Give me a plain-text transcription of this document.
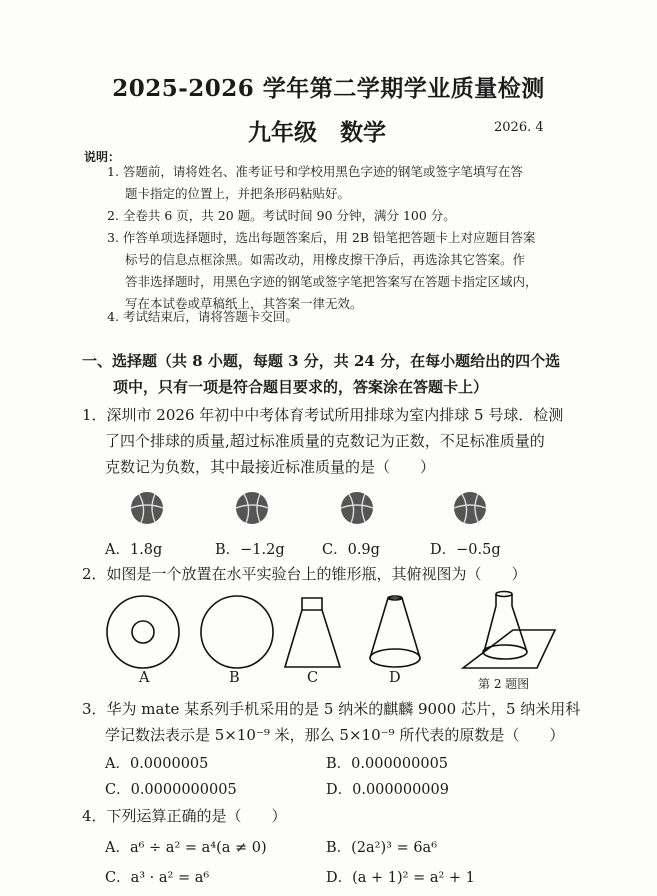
2025-2026 学年第二学期学业质量检测
九年级　数学	2026. 4
说明：
1. 答题前，请将姓名、准考证号和学校用黑色字迹的钢笔或签字笔填写在答
题卡指定的位置上，并把条形码粘贴好。
2. 全卷共 6 页，共 20 题。考试时间 90 分钟，满分 100 分。
3. 作答单项选择题时，选出每题答案后，用 2B 铅笔把答题卡上对应题目答案
标号的信息点框涂黑。如需改动，用橡皮擦干净后，再选涂其它答案。作
答非选择题时，用黑色字迹的钢笔或签字笔把答案写在答题卡指定区域内，
写在本试卷或草稿纸上，其答案一律无效。
4. 考试结束后，请将答题卡交回。
一、选择题（共 8 小题，每题 3 分，共 24 分，在每小题给出的四个选
项中，只有一项是符合题目要求的，答案涂在答题卡上）
1．深圳市 2026 年初中中考体育考试所用排球为室内排球 5 号球．检测
了四个排球的质量,超过标准质量的克数记为正数，不足标准质量的
克数记为负数，其中最接近标准质量的是（　　）
A．1.8g	B．−1.2g	C．0.9g	D．−0.5g
2．如图是一个放置在水平实验台上的锥形瓶，其俯视图为（　　）
A	B	C	D	第 2 题图
3．华为 mate 某系列手机采用的是 5 纳米的麒麟 9000 芯片，5 纳米用科
学记数法表示是 5×10⁻⁹ 米，那么 5×10⁻⁹ 所代表的原数是（　　）
A．0.0000005	B．0.000000005
C．0.0000000005	D．0.000000009
4．下列运算正确的是（　　）
A．a⁶ ÷ a² = a⁴(a ≠ 0)	B．(2a²)³ = 6a⁶
C．a³ · a² = a⁶	D．(a + 1)² = a² + 1
